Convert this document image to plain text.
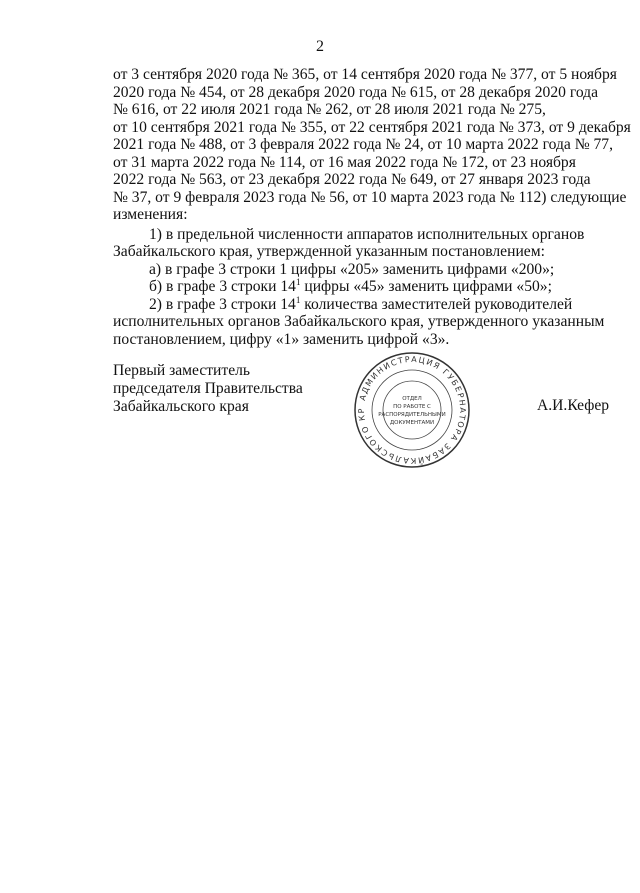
2
от 3 сентября 2020 года № 365, от 14 сентября 2020 года № 377, от 5 ноября
2020 года № 454, от 28 декабря 2020 года № 615, от 28 декабря 2020 года
№ 616, от 22 июля 2021 года № 262, от 28 июля 2021 года № 275,
от 10 сентября 2021 года № 355, от 22 сентября 2021 года № 373, от 9 декабря
2021 года № 488, от 3 февраля 2022 года № 24, от 10 марта 2022 года № 77,
от 31 марта 2022 года № 114, от 16 мая 2022 года № 172, от 23 ноября
2022 года № 563, от 23 декабря 2022 года № 649, от 27 января 2023 года
№ 37, от 9 февраля 2023 года № 56, от 10 марта 2023 года № 112) следующие
изменения:
1) в предельной численности аппаратов исполнительных органов
Забайкальского края, утвержденной указанным постановлением:
а) в графе 3 строки 1 цифры «205» заменить цифрами «200»;
б) в графе 3 строки $14^1$ цифры «45» заменить цифрами «50»;
2) в графе 3 строки $14^1$ количества заместителей руководителей
исполнительных органов Забайкальского края, утвержденного указанным
постановлением, цифру «1» заменить цифрой «3».
Первый заместитель
председателя Правительства
Забайкальского края	А.И.Кефер
АДМИНИСТРАЦИЯ ГУБЕРНАТОРА ЗАБАЙКАЛЬСКОГО КР
ОТДЕЛ
ПО РАБОТЕ С
РАСПОРЯДИТЕЛЬНЫМИ
ДОКУМЕНТАМИ
